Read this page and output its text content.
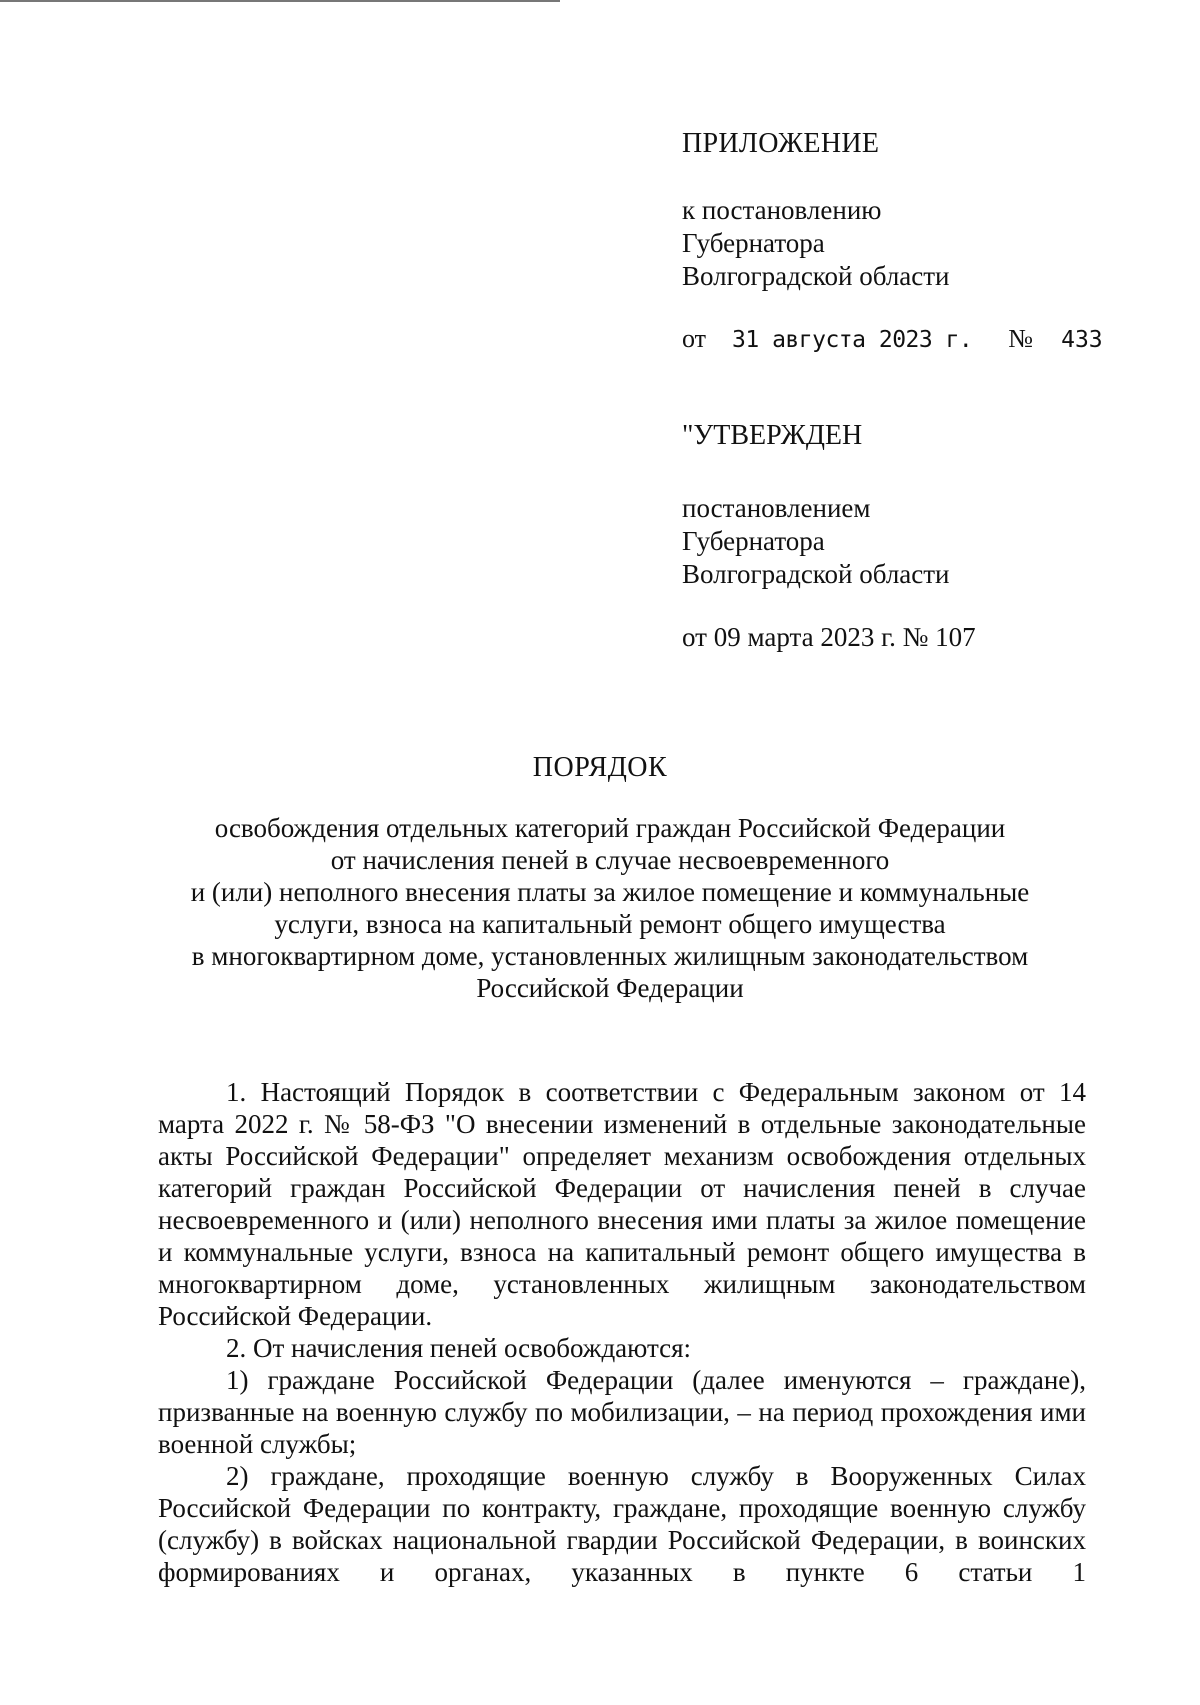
ПРИЛОЖЕНИЕ
к постановлению
Губернатора
Волгоградской области
от 31 августа 2023 г. № 433
"УТВЕРЖДЕН
постановлением
Губернатора
Волгоградской области
от 09 марта 2023 г. № 107
ПОРЯДОК
освобождения отдельных категорий граждан Российской Федерации
от начисления пеней в случае несвоевременного
и (или) неполного внесения платы за жилое помещение и коммунальные
услуги, взноса на капитальный ремонт общего имущества
в многоквартирном доме, установленных жилищным законодательством
Российской Федерации

1. Настоящий Порядок в соответствии с Федеральным законом от 14 марта 2022 г. № 58-ФЗ "О внесении изменений в отдельные законодательные акты Российской Федерации" определяет механизм освобождения отдельных категорий граждан Российской Федерации от начисления пеней в случае несвоевременного и (или) неполного внесения ими платы за жилое помещение и коммунальные услуги, взноса на капитальный ремонт общего имущества в многоквартирном доме, установленных жилищным законодательством Российской Федерации.

2. От начисления пеней освобождаются:

1) граждане Российской Федерации (далее именуются – граждане), призванные на военную службу по мобилизации, – на период прохождения ими военной службы;

2) граждане, проходящие военную службу в Вооруженных Силах Российской Федерации по контракту, граждане, проходящие военную службу (службу) в войсках национальной гвардии Российской Федерации, в воинских формированиях и органах, указанных в пункте 6 статьи 1
